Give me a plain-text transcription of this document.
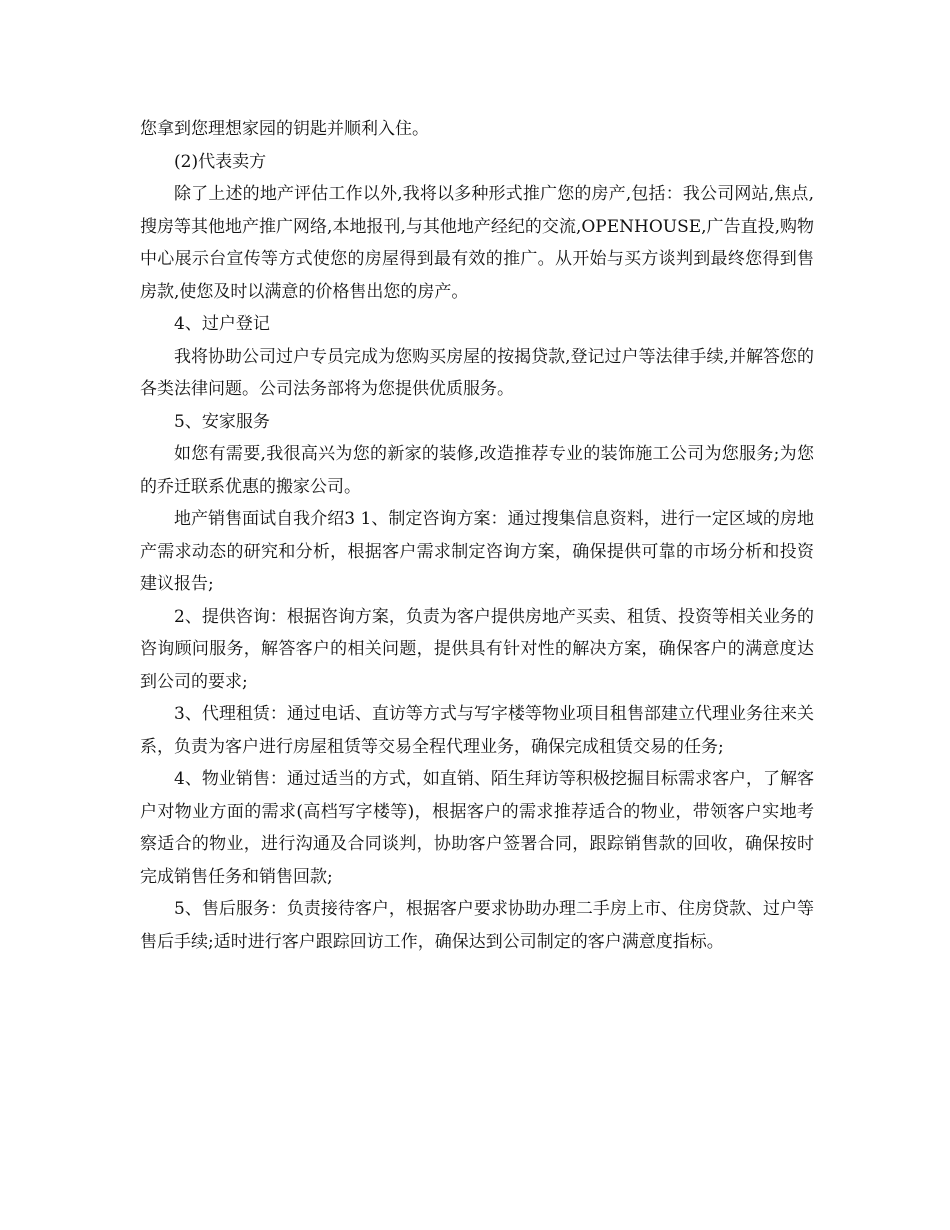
您拿到您理想家园的钥匙并顺利入住。

(2)代表卖方

除了上述的地产评估工作以外,我将以多种形式推广您的房产,包括：我公司网站,焦点,搜房等其他地产推广网络,本地报刊,与其他地产经纪的交流,OPENHOUSE,广告直投,购物中心展示台宣传等方式使您的房屋得到最有效的推广。从开始与买方谈判到最终您得到售房款,使您及时以满意的价格售出您的房产。

4、过户登记

我将协助公司过户专员完成为您购买房屋的按揭贷款,登记过户等法律手续,并解答您的各类法律问题。公司法务部将为您提供优质服务。

5、安家服务

如您有需要,我很高兴为您的新家的装修,改造推荐专业的装饰施工公司为您服务;为您的乔迁联系优惠的搬家公司。

地产销售面试自我介绍3 1、制定咨询方案：通过搜集信息资料，进行一定区域的房地产需求动态的研究和分析，根据客户需求制定咨询方案，确保提供可靠的市场分析和投资建议报告;

2、提供咨询：根据咨询方案，负责为客户提供房地产买卖、租赁、投资等相关业务的咨询顾问服务，解答客户的相关问题，提供具有针对性的解决方案，确保客户的满意度达到公司的要求;

3、代理租赁：通过电话、直访等方式与写字楼等物业项目租售部建立代理业务往来关系，负责为客户进行房屋租赁等交易全程代理业务，确保完成租赁交易的任务;

4、物业销售：通过适当的方式，如直销、陌生拜访等积极挖掘目标需求客户，了解客户对物业方面的需求(高档写字楼等)，根据客户的需求推荐适合的物业，带领客户实地考察适合的物业，进行沟通及合同谈判，协助客户签署合同，跟踪销售款的回收，确保按时完成销售任务和销售回款;

5、售后服务：负责接待客户，根据客户要求协助办理二手房上市、住房贷款、过户等售后手续;适时进行客户跟踪回访工作，确保达到公司制定的客户满意度指标。
